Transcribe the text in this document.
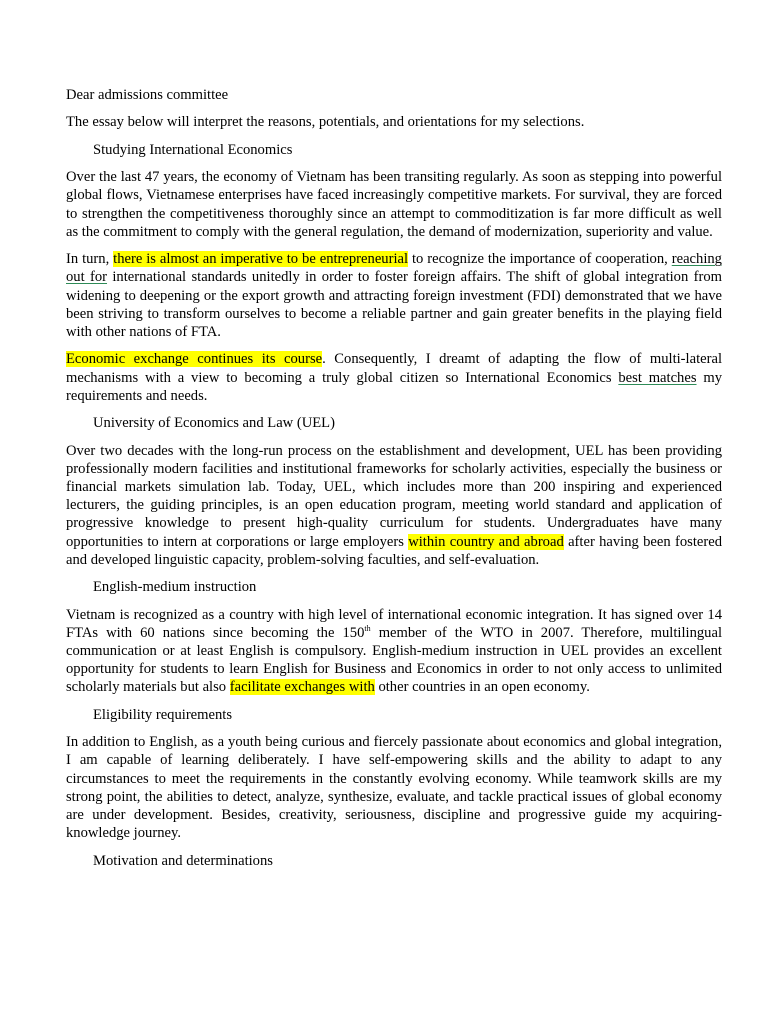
Dear admissions committee

The essay below will interpret the reasons, potentials, and orientations for my selections.

Studying International Economics

Over the last 47 years, the economy of Vietnam has been transiting regularly. As soon as stepping into powerful global flows, Vietnamese enterprises have faced increasingly competitive markets. For survival, they are forced to strengthen the competitiveness thoroughly since an attempt to commoditization is far more difficult as well as the commitment to comply with the general regulation, the demand of modernization, superiority and value.

In turn, there is almost an imperative to be entrepreneurial to recognize the importance of cooperation, reaching out for international standards unitedly in order to foster foreign affairs. The shift of global integration from widening to deepening or the export growth and attracting foreign investment (FDI) demonstrated that we have been striving to transform ourselves to become a reliable partner and gain greater benefits in the playing field with other nations of FTA.

Economic exchange continues its course. Consequently, I dreamt of adapting the flow of multi-lateral mechanisms with a view to becoming a truly global citizen so International Economics best matches my requirements and needs.

University of Economics and Law (UEL)

Over two decades with the long-run process on the establishment and development, UEL has been providing professionally modern facilities and institutional frameworks for scholarly activities, especially the business or financial markets simulation lab. Today, UEL, which includes more than 200 inspiring and experienced lecturers, the guiding principles, is an open education program, meeting world standard and application of progressive knowledge to present high-quality curriculum for students. Undergraduates have many opportunities to intern at corporations or large employers within country and abroad after having been fostered and developed linguistic capacity, problem-solving faculties, and self-evaluation.

English-medium instruction

Vietnam is recognized as a country with high level of international economic integration. It has signed over 14 FTAs with 60 nations since becoming the 150th member of the WTO in 2007. Therefore, multilingual communication or at least English is compulsory. English-medium instruction in UEL provides an excellent opportunity for students to learn English for Business and Economics in order to not only access to unlimited scholarly materials but also facilitate exchanges with other countries in an open economy.

Eligibility requirements

In addition to English, as a youth being curious and fiercely passionate about economics and global integration, I am capable of learning deliberately. I have self-empowering skills and the ability to adapt to any circumstances to meet the requirements in the constantly evolving economy. While teamwork skills are my strong point, the abilities to detect, analyze, synthesize, evaluate, and tackle practical issues of global economy are under development. Besides, creativity, seriousness, discipline and progressive guide my acquiring-knowledge journey.

Motivation and determinations
